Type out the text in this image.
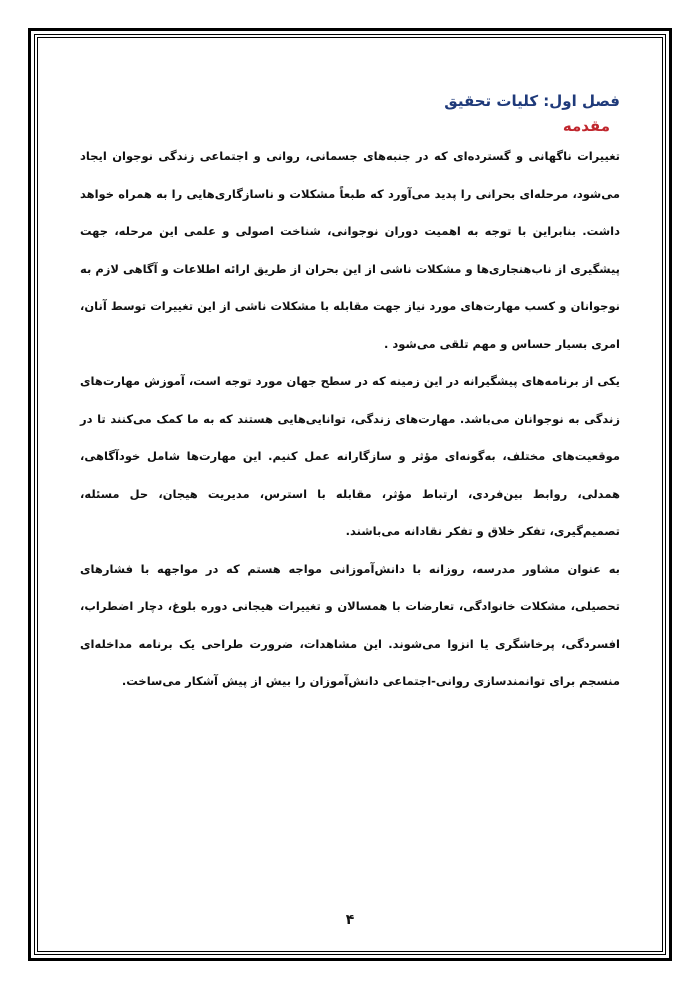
فصل اول: کلیات تحقیق
مقدمه

تغییرات ناگهانی و گسترده‌ای که در جنبه‌های جسمانی، روانی و اجتماعی زندگی نوجوان ایجاد می‌شود، مرحله‌ای بحرانی را پدید می‌آورد که طبعاً مشکلات و ناسازگاری‌هایی را به همراه خواهد داشت. بنابراین با توجه به اهمیت دوران نوجوانی، شناخت اصولی و علمی این مرحله، جهت پیشگیری از ناب‌هنجاری‌ها و مشکلات ناشی از این بحران از طریق ارائه اطلاعات و آگاهی لازم به نوجوانان و کسب مهارت‌های مورد نیاز جهت مقابله با مشکلات ناشی از این تغییرات توسط آنان، امری بسیار حساس و مهم تلقی می‌شود .

یکی از برنامه‌های پیشگیرانه در این زمینه که در سطح جهان مورد توجه است، آموزش مهارت‌های زندگی به نوجوانان می‌باشد. مهارت‌های زندگی، توانایی‌هایی هستند که به ما کمک می‌کنند تا در موقعیت‌های مختلف، به‌گونه‌ای مؤثر و سازگارانه عمل کنیم. این مهارت‌ها شامل خودآگاهی، همدلی، روابط بین‌فردی، ارتباط مؤثر، مقابله با استرس، مدیریت هیجان، حل مسئله، تصمیم‌گیری، تفکر خلاق و تفکر نقادانه می‌باشند.

به عنوان مشاور مدرسه، روزانه با دانش‌آموزانی مواجه هستم که در مواجهه با فشارهای تحصیلی، مشکلات خانوادگی، تعارضات با همسالان و تغییرات هیجانی دوره بلوغ، دچار اضطراب، افسردگی، پرخاشگری یا انزوا می‌شوند. این مشاهدات، ضرورت طراحی یک برنامه مداخله‌ای منسجم برای توانمندسازی روانی-اجتماعی دانش‌آموزان را بیش از پیش آشکار می‌ساخت.

۴
